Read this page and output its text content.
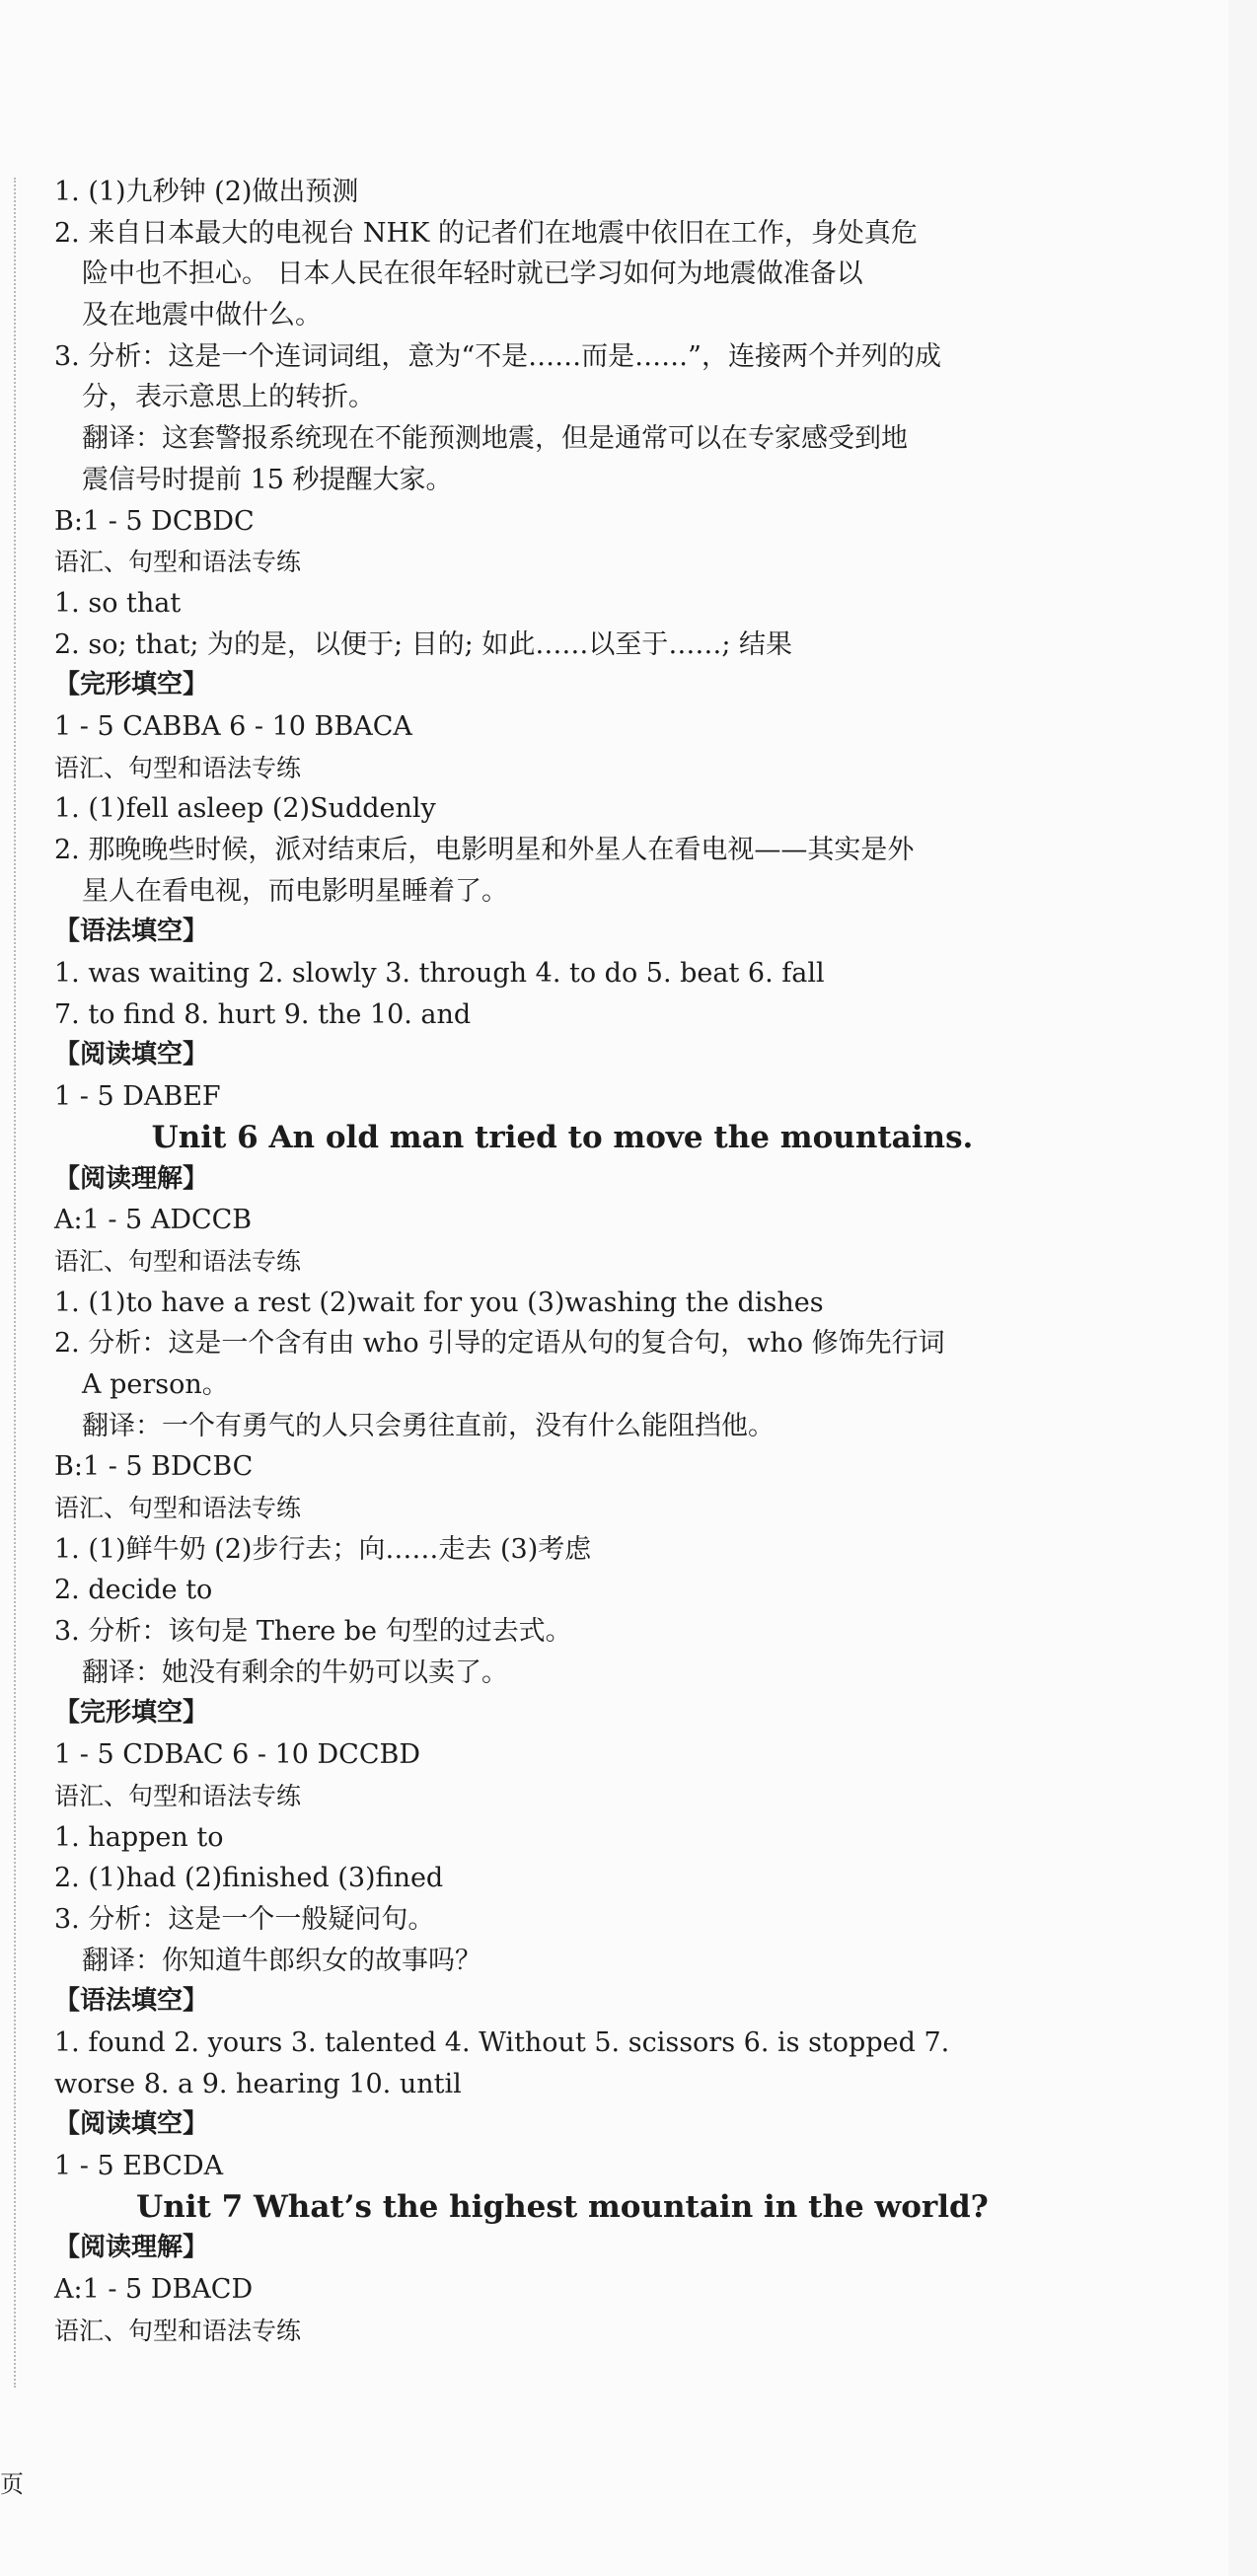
1. (1)九秒钟 (2)做出预测
2. 来自日本最大的电视台 NHK 的记者们在地震中依旧在工作，身处真危
险中也不担心。 日本人民在很年轻时就已学习如何为地震做准备以
及在地震中做什么。
3. 分析：这是一个连词词组，意为“不是……而是……”，连接两个并列的成
分，表示意思上的转折。
翻译：这套警报系统现在不能预测地震，但是通常可以在专家感受到地
震信号时提前 15 秒提醒大家。
B:1 - 5 DCBDC
语汇、句型和语法专练
1. so that
2. so; that; 为的是，以便于; 目的; 如此……以至于……; 结果
【完形填空】
1 - 5 CABBA 6 - 10 BBACA
语汇、句型和语法专练
1. (1)fell asleep (2)Suddenly
2. 那晚晚些时候，派对结束后，电影明星和外星人在看电视——其实是外
星人在看电视，而电影明星睡着了。
【语法填空】
1. was waiting 2. slowly 3. through 4. to do 5. beat 6. fall
7. to find 8. hurt 9. the 10. and
【阅读填空】
1 - 5 DABEF
Unit 6 An old man tried to move the mountains.
【阅读理解】
A:1 - 5 ADCCB
语汇、句型和语法专练
1. (1)to have a rest (2)wait for you (3)washing the dishes
2. 分析：这是一个含有由 who 引导的定语从句的复合句，who 修饰先行词
A person。
翻译：一个有勇气的人只会勇往直前，没有什么能阻挡他。
B:1 - 5 BDCBC
语汇、句型和语法专练
1. (1)鲜牛奶 (2)步行去；向……走去 (3)考虑
2. decide to
3. 分析：该句是 There be 句型的过去式。
翻译：她没有剩余的牛奶可以卖了。
【完形填空】
1 - 5 CDBAC 6 - 10 DCCBD
语汇、句型和语法专练
1. happen to
2. (1)had (2)finished (3)fined
3. 分析：这是一个一般疑问句。
翻译：你知道牛郎织女的故事吗？
【语法填空】
1. found 2. yours 3. talented 4. Without 5. scissors 6. is stopped 7.
worse 8. a 9. hearing 10. until
【阅读填空】
1 - 5 EBCDA
Unit 7 What’s the highest mountain in the world?
【阅读理解】
A:1 - 5 DBACD
语汇、句型和语法专练
页
